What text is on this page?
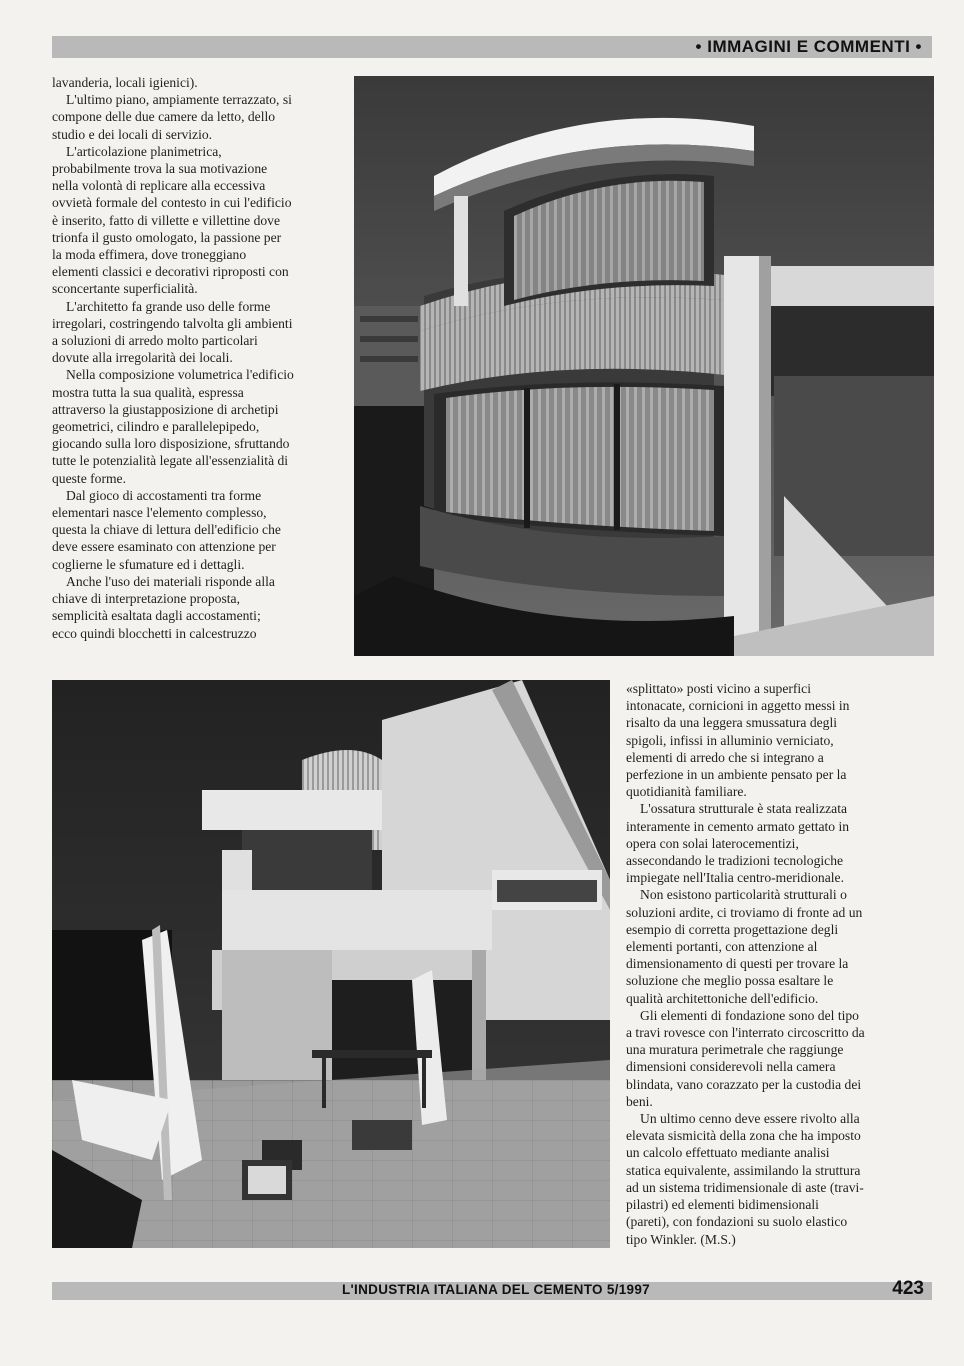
• IMMAGINI E COMMENTI •

lavanderia, locali igienici).

L'ultimo piano, ampiamente terrazzato, si
compone delle due camere da letto, dello
studio e dei locali di servizio.

L'articolazione planimetrica,
probabilmente trova la sua motivazione
nella volontà di replicare alla eccessiva
ovvietà formale del contesto in cui l'edificio
è inserito, fatto di villette e villettine dove
trionfa il gusto omologato, la passione per
la moda effimera, dove troneggiano
elementi classici e decorativi riproposti con
sconcertante superficialità.

L'architetto fa grande uso delle forme
irregolari, costringendo talvolta gli ambienti
a soluzioni di arredo molto particolari
dovute alla irregolarità dei locali.

Nella composizione volumetrica l'edificio
mostra tutta la sua qualità, espressa
attraverso la giustapposizione di archetipi
geometrici, cilindro e parallelepipedo,
giocando sulla loro disposizione, sfruttando
tutte le potenzialità legate all'essenzialità di
queste forme.

Dal gioco di accostamenti tra forme
elementari nasce l'elemento complesso,
questa la chiave di lettura dell'edificio che
deve essere esaminato con attenzione per
coglierne le sfumature ed i dettagli.

Anche l'uso dei materiali risponde alla
chiave di interpretazione proposta,
semplicità esaltata dagli accostamenti;
ecco quindi blocchetti in calcestruzzo

«splittato» posti vicino a superfici
intonacate, cornicioni in aggetto messi in
risalto da una leggera smussatura degli
spigoli, infissi in alluminio verniciato,
elementi di arredo che si integrano a
perfezione in un ambiente pensato per la
quotidianità familiare.

L'ossatura strutturale è stata realizzata
interamente in cemento armato gettato in
opera con solai laterocementizi,
assecondando le tradizioni tecnologiche
impiegate nell'Italia centro-meridionale.

Non esistono particolarità strutturali o
soluzioni ardite, ci troviamo di fronte ad un
esempio di corretta progettazione degli
elementi portanti, con attenzione al
dimensionamento di questi per trovare la
soluzione che meglio possa esaltare le
qualità architettoniche dell'edificio.

Gli elementi di fondazione sono del tipo
a travi rovesce con l'interrato circoscritto da
una muratura perimetrale che raggiunge
dimensioni considerevoli nella camera
blindata, vano corazzato per la custodia dei
beni.

Un ultimo cenno deve essere rivolto alla
elevata sismicità della zona che ha imposto
un calcolo effettuato mediante analisi
statica equivalente, assimilando la struttura
ad un sistema tridimensionale di aste (travi-
pilastri) ed elementi bidimensionali
(pareti), con fondazioni su suolo elastico
tipo Winkler. (M.S.)

L'INDUSTRIA ITALIANA DEL CEMENTO 5/1997	423
